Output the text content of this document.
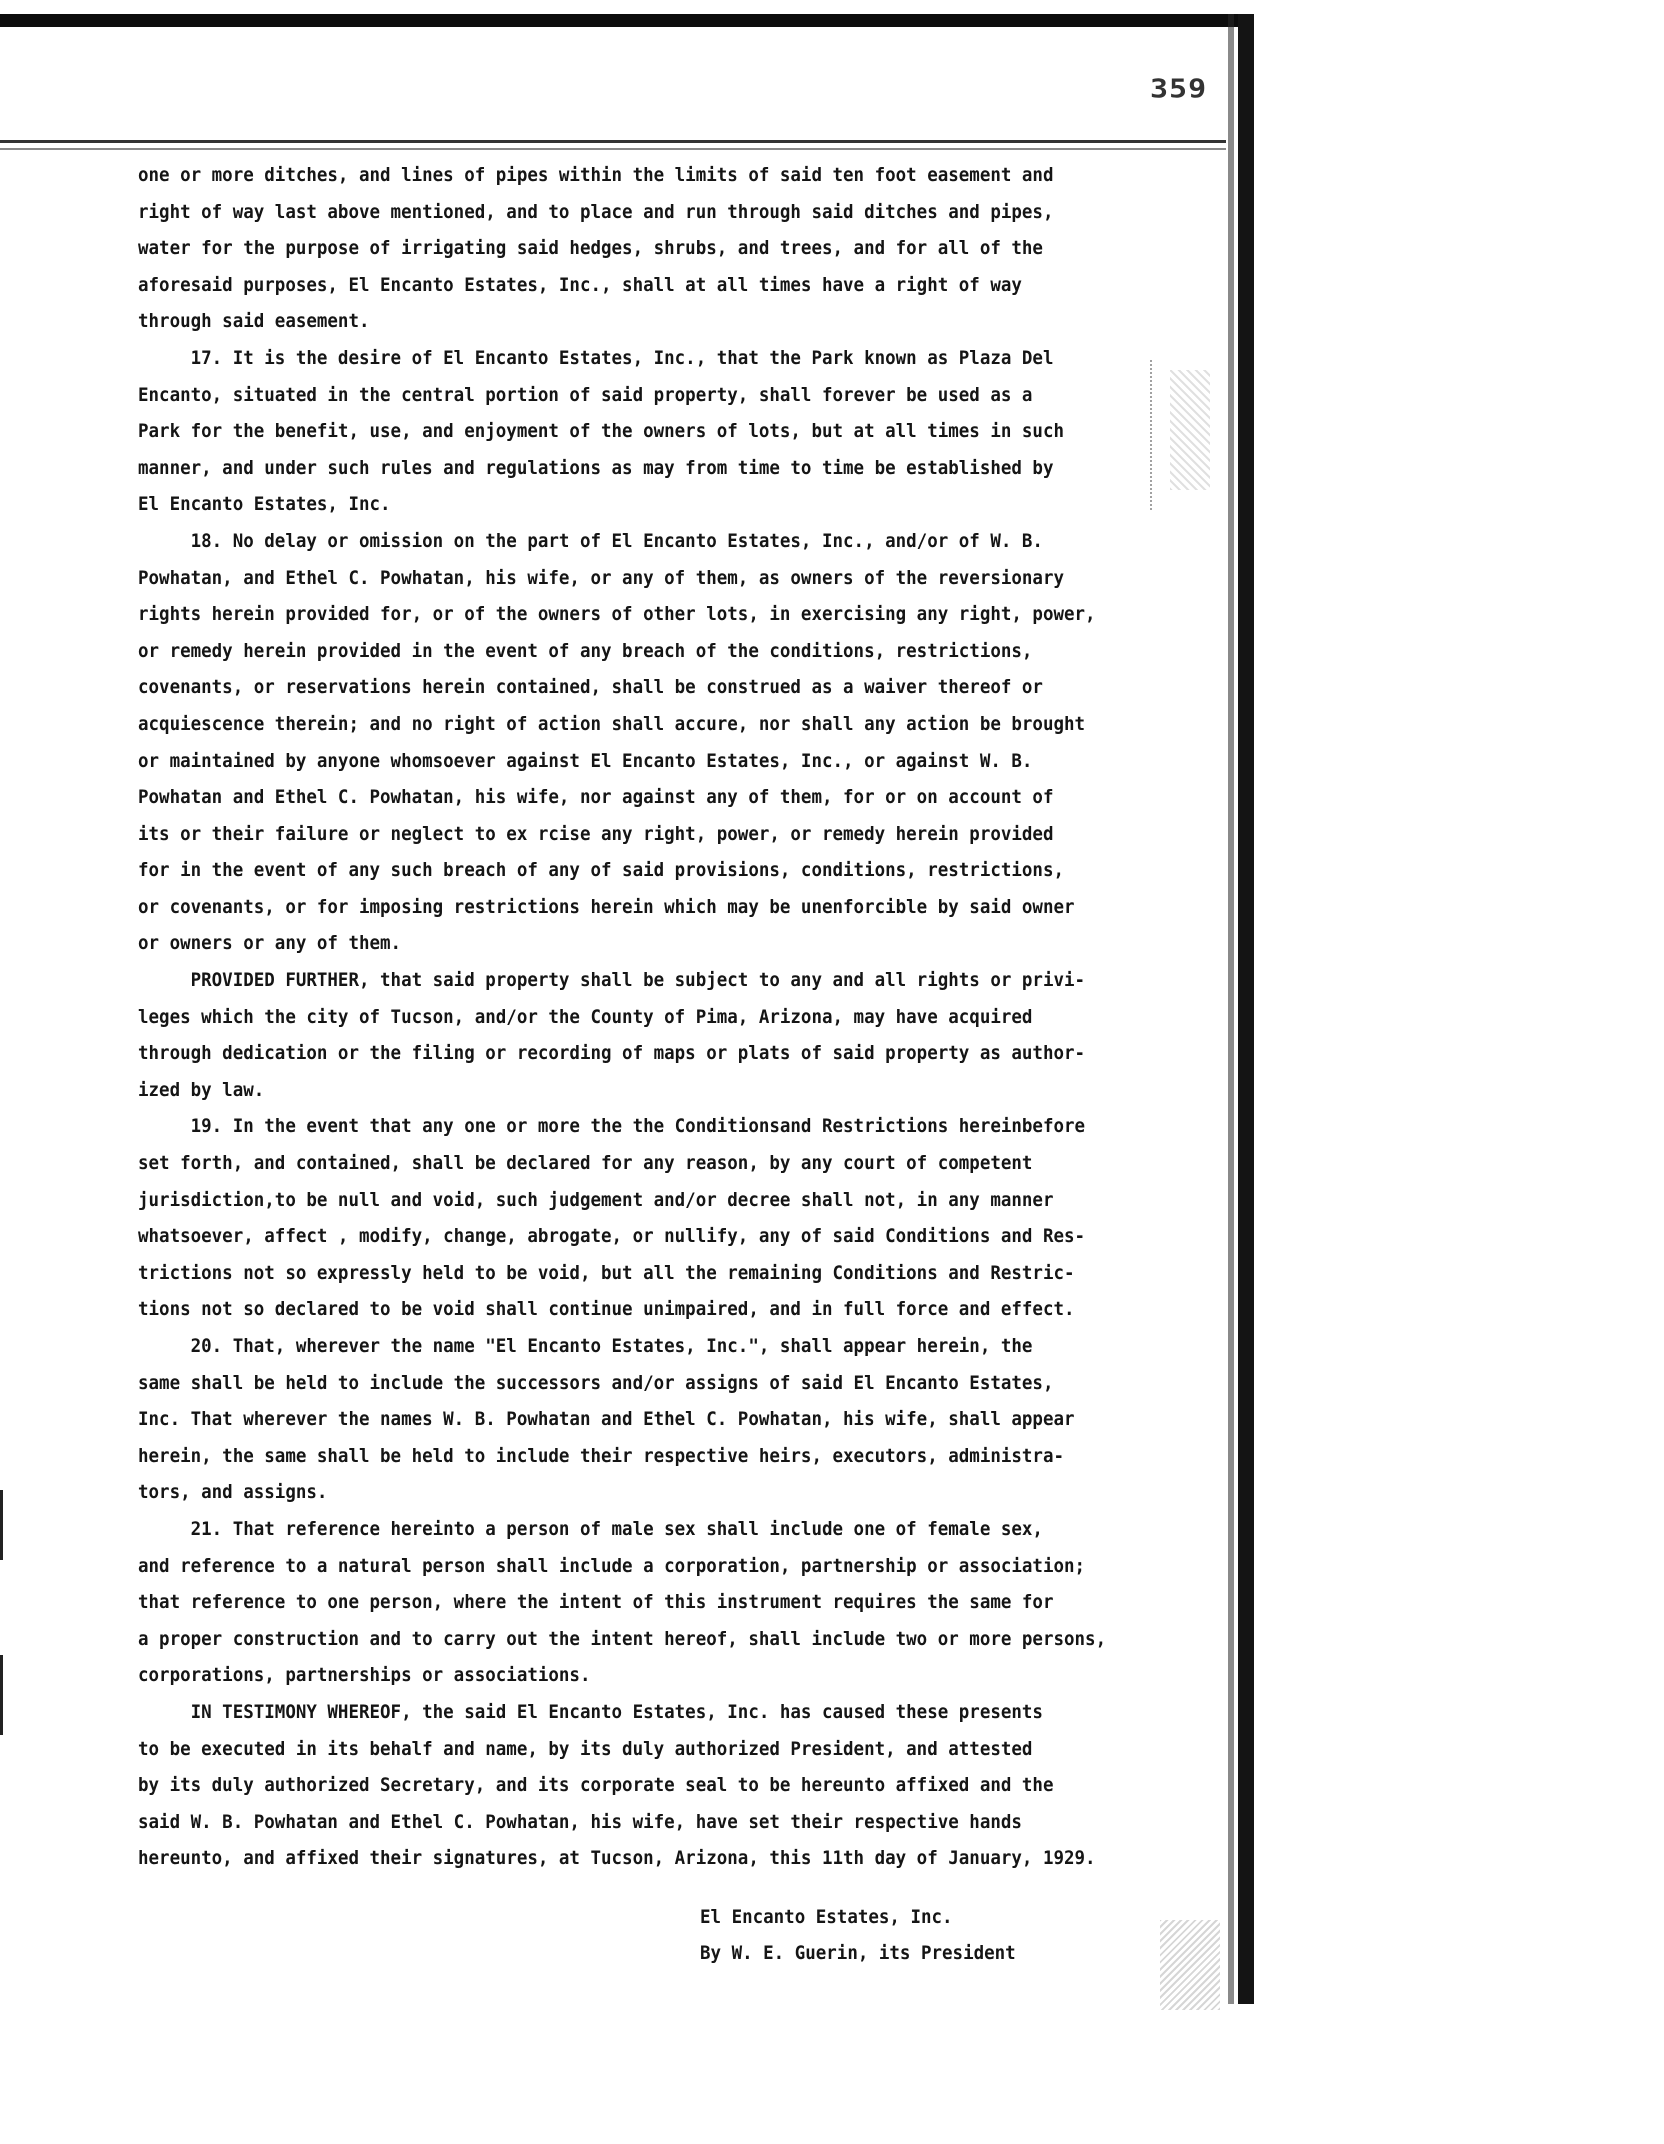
359
one or more ditches, and lines of pipes within the limits of said ten foot easement and
right of way last above mentioned, and to place and run through said ditches and pipes,
water for the purpose of irrigating said hedges, shrubs, and trees, and for all of the
aforesaid purposes, El Encanto Estates, Inc., shall at all times have a right of way
through said easement.
17. It is the desire of El Encanto Estates, Inc., that the Park known as Plaza Del
Encanto, situated in the central portion of said property, shall forever be used as a
Park for the benefit, use, and enjoyment of the owners of lots, but at all times in such
manner, and under such rules and regulations as may from time to time be established by
El Encanto Estates, Inc.
18. No delay or omission on the part of El Encanto Estates, Inc., and/or of W. B.
Powhatan, and Ethel C. Powhatan, his wife, or any of them, as owners of the reversionary
rights herein provided for, or of the owners of other lots, in exercising any right, power,
or remedy herein provided in the event of any breach of the conditions, restrictions,
covenants, or reservations herein contained, shall be construed as a waiver thereof or
acquiescence therein; and no right of action shall accure, nor shall any action be brought
or maintained by anyone whomsoever against El Encanto Estates, Inc., or against W. B.
Powhatan and Ethel C. Powhatan, his wife, nor against any of them, for or on account of
its or their failure or neglect to ex rcise any right, power, or remedy herein provided
for in the event of any such breach of any of said provisions, conditions, restrictions,
or covenants, or for imposing restrictions herein which may be unenforcible by said owner
or owners or any of them.
PROVIDED FURTHER, that said property shall be subject to any and all rights or privi-
leges which the city of Tucson, and/or the County of Pima, Arizona, may have acquired
through dedication or the filing or recording of maps or plats of said property as author-
ized by law.
19. In the event that any one or more the the Conditionsand Restrictions hereinbefore
set forth, and contained, shall be declared for any reason, by any court of competent
jurisdiction,to be null and void, such judgement and/or decree shall not, in any manner
whatsoever, affect , modify, change, abrogate, or nullify, any of said Conditions and Res-
trictions not so expressly held to be void, but all the remaining Conditions and Restric-
tions not so declared to be void shall continue unimpaired, and in full force and effect.
20. That, wherever the name "El Encanto Estates, Inc.", shall appear herein, the
same shall be held to include the successors and/or assigns of said El Encanto Estates,
Inc. That wherever the names W. B. Powhatan and Ethel C. Powhatan, his wife, shall appear
herein, the same shall be held to include their respective heirs, executors, administra-
tors, and assigns.
21. That reference hereinto a person of male sex shall include one of female sex,
and reference to a natural person shall include a corporation, partnership or association;
that reference to one person, where the intent of this instrument requires the same for
a proper construction and to carry out the intent hereof, shall include two or more persons,
corporations, partnerships or associations.
IN TESTIMONY WHEREOF, the said El Encanto Estates, Inc. has caused these presents
to be executed in its behalf and name, by its duly authorized President, and attested
by its duly authorized Secretary, and its corporate seal to be hereunto affixed and the
said W. B. Powhatan and Ethel C. Powhatan, his wife, have set their respective hands
hereunto, and affixed their signatures, at Tucson, Arizona, this 11th day of January, 1929.
El Encanto Estates, Inc.
By W. E. Guerin, its President
